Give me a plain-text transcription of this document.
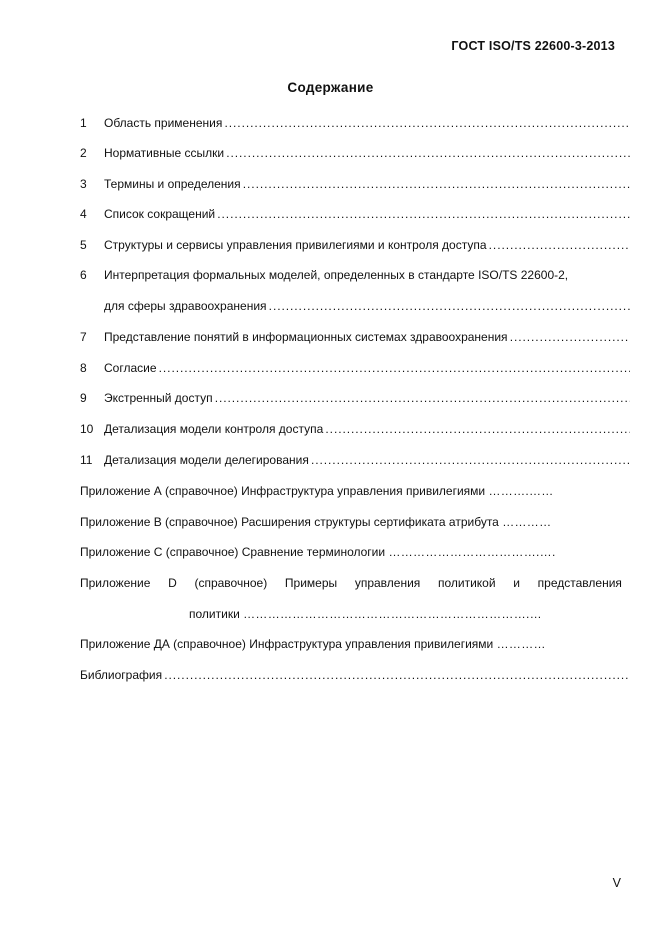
ГОСТ ISO/TS 22600-3-2013
Содержание
1 Область применения . . .
2 Нормативные ссылки . . .
3 Термины и определения . . .
4 Список сокращений . . .
5 Структуры и сервисы управления привилегиями и контроля доступа . . .
6 Интерпретация формальных моделей, определенных в стандарте ISO/TS 22600-2,
для сферы здравоохранения . . .
7 Представление понятий в информационных системах здравоохранения . . .
8 Согласие . . .
9 Экстренный доступ . . .
10 Детализация модели контроля доступа . . .
11 Детализация модели делегирования . . .
Приложение А (справочное) Инфраструктура управления привилегиями ……….……
Приложение В (справочное) Расширения структуры сертификата атрибута …………
Приложение С (справочное) Сравнение терминологии ……………………………….….
Приложение D (справочное) Примеры управления политикой и представления
политики …………………………………………………………….…
Приложение ДА (справочное) Инфраструктура управления привилегиями …………
Библиография . . .
V
